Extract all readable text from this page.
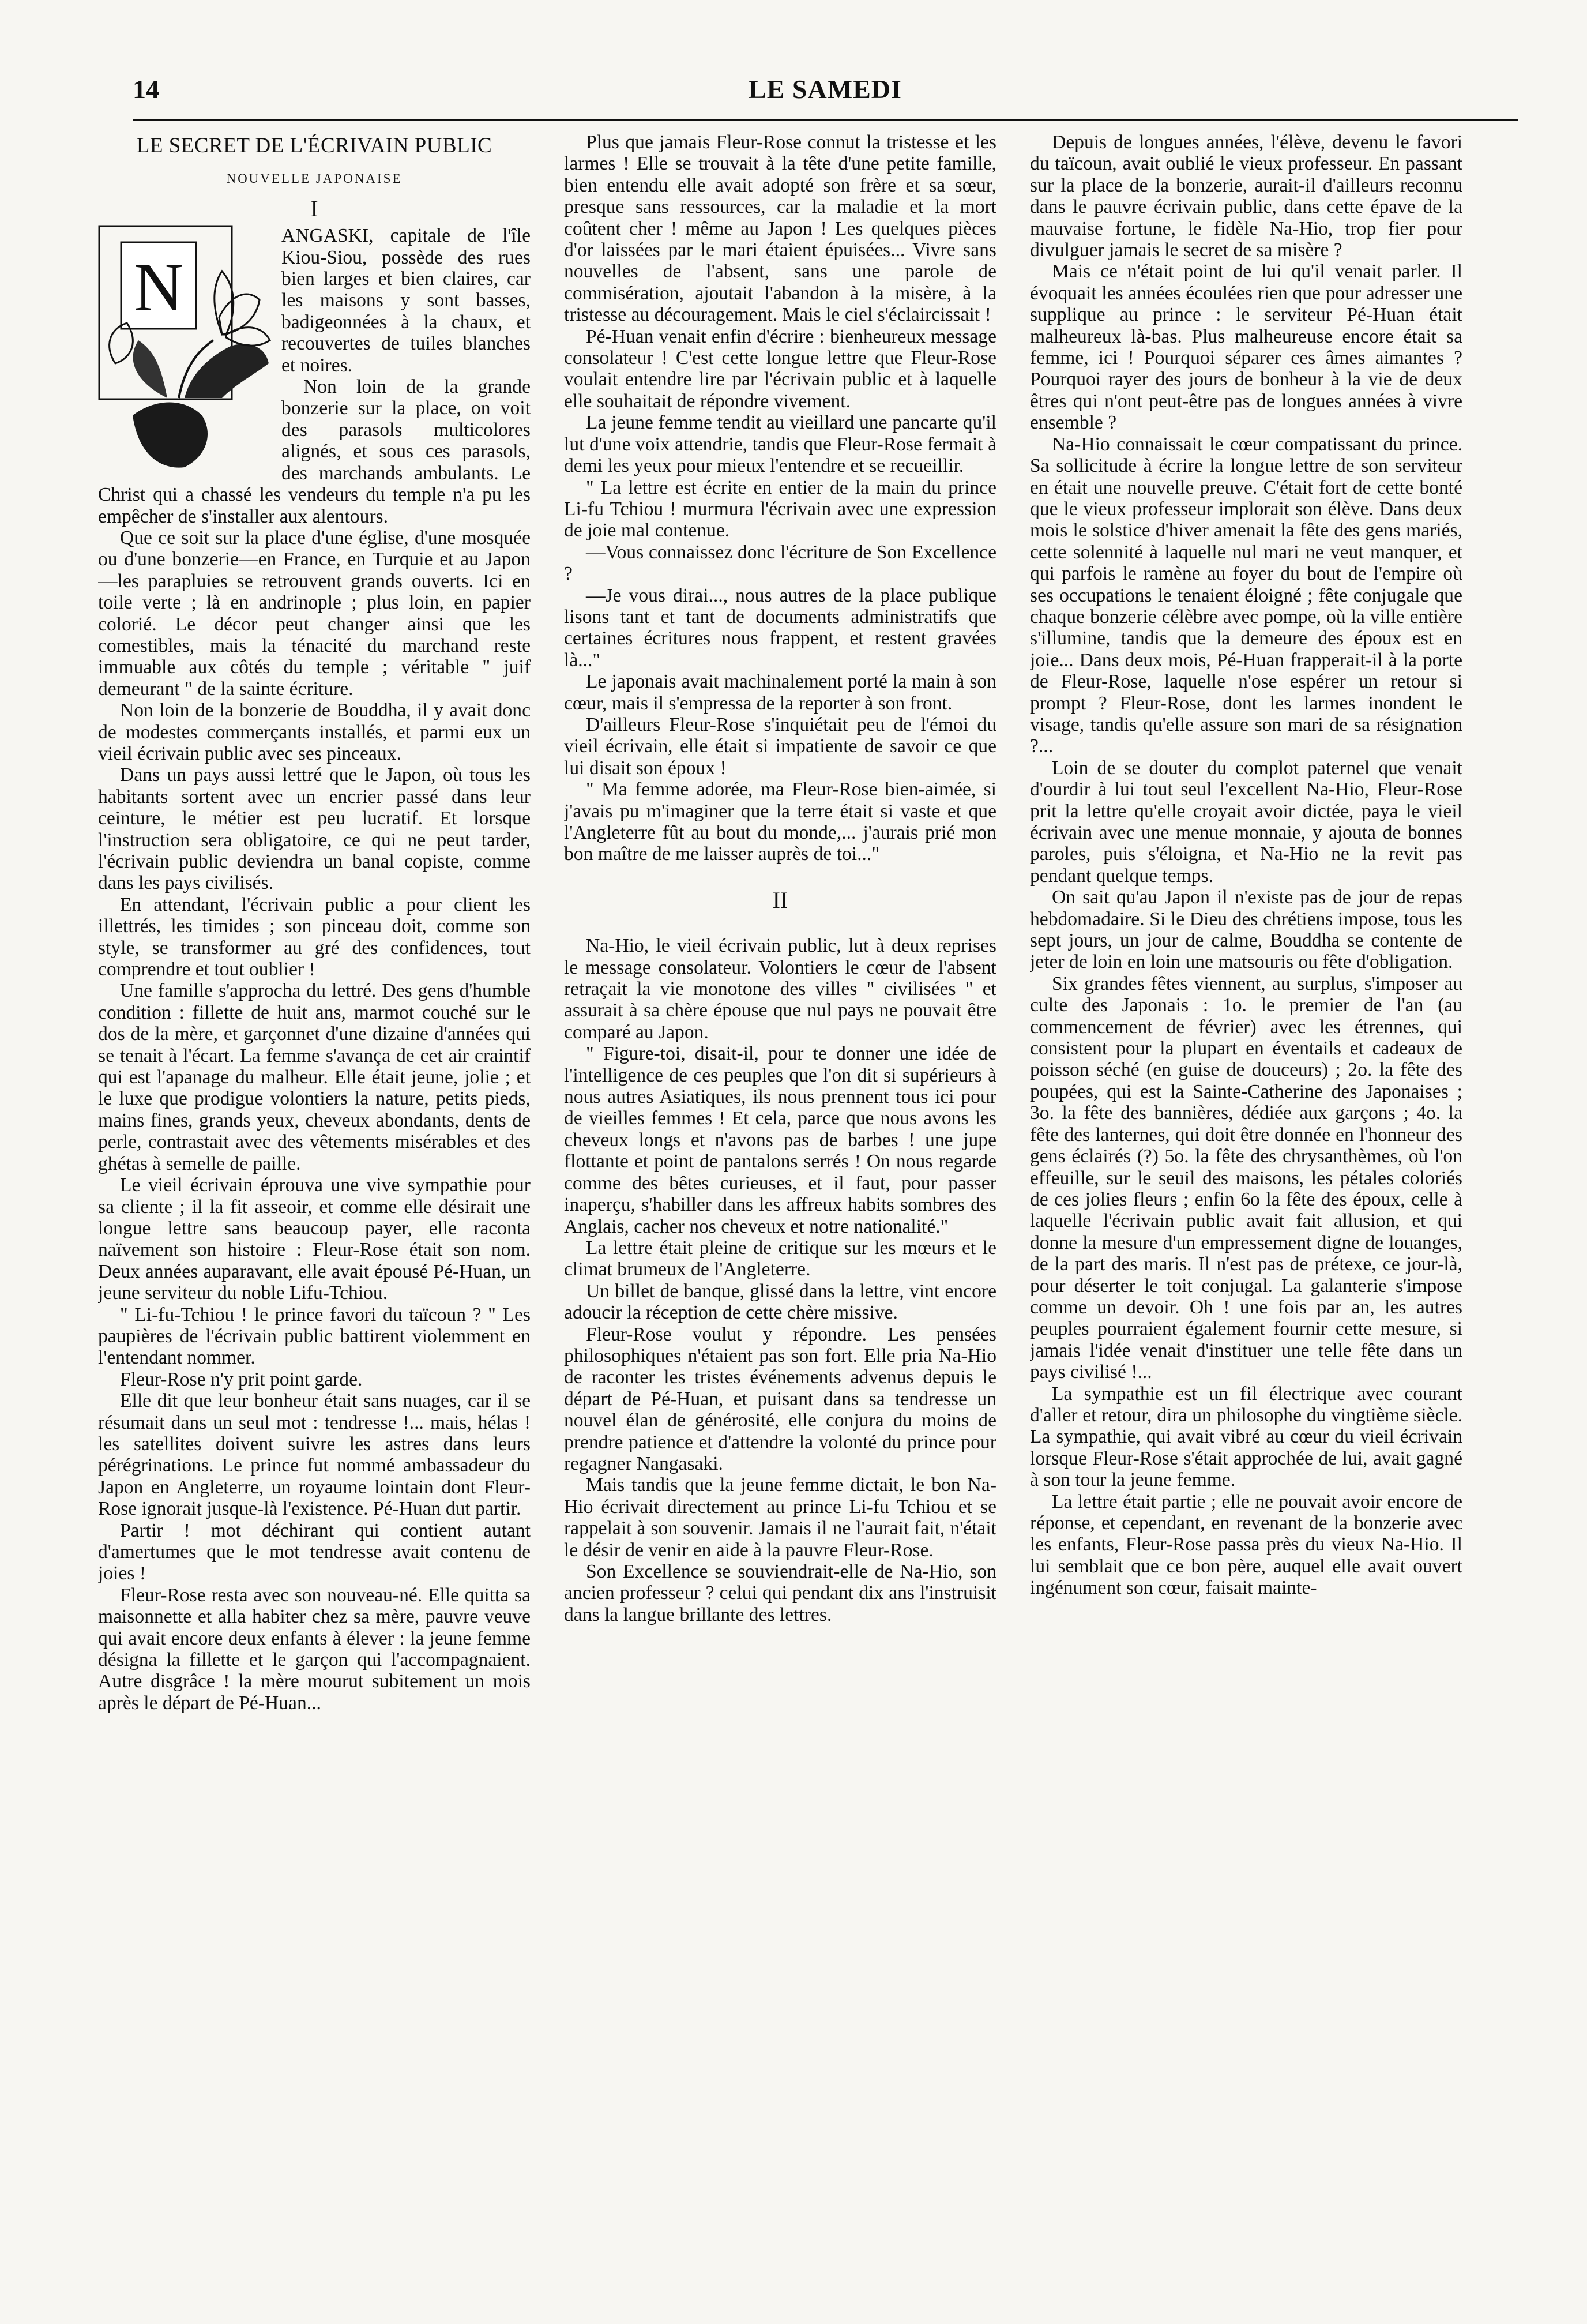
14	LE SAMEDI
LE SECRET DE L'ÉCRIVAIN PUBLIC
NOUVELLE JAPONAISE
I
N

ANGASKI, capitale de l'île Kiou-Siou, possède des rues bien larges et bien claires, car les maisons y sont basses, badigeonnées à la chaux, et recouvertes de tuiles blanches et noires.

Non loin de la grande bonzerie sur la place, on voit des parasols multicolores alignés, et sous ces parasols, des marchands ambulants. Le Christ qui a chassé les vendeurs du temple n'a pu les empêcher de s'installer aux alentours.

Que ce soit sur la place d'une église, d'une mosquée ou d'une bonzerie—en France, en Turquie et au Japon—les parapluies se retrouvent grands ouverts. Ici en toile verte ; là en andrinople ; plus loin, en papier colorié. Le décor peut changer ainsi que les comestibles, mais la ténacité du marchand reste immuable aux côtés du temple ; véritable " juif demeurant " de la sainte écriture.

Non loin de la bonzerie de Bouddha, il y avait donc de modestes commerçants installés, et parmi eux un vieil écrivain public avec ses pinceaux.

Dans un pays aussi lettré que le Japon, où tous les habitants sortent avec un encrier passé dans leur ceinture, le métier est peu lucratif. Et lorsque l'instruction sera obligatoire, ce qui ne peut tarder, l'écrivain public deviendra un banal copiste, comme dans les pays civilisés.

En attendant, l'écrivain public a pour client les illettrés, les timides ; son pinceau doit, comme son style, se transformer au gré des confidences, tout comprendre et tout oublier !

Une famille s'approcha du lettré. Des gens d'humble condition : fillette de huit ans, marmot couché sur le dos de la mère, et garçonnet d'une dizaine d'années qui se tenait à l'écart. La femme s'avança de cet air craintif qui est l'apanage du malheur. Elle était jeune, jolie ; et le luxe que prodigue volontiers la nature, petits pieds, mains fines, grands yeux, cheveux abondants, dents de perle, contrastait avec des vêtements misérables et des ghétas à semelle de paille.

Le vieil écrivain éprouva une vive sympathie pour sa cliente ; il la fit asseoir, et comme elle désirait une longue lettre sans beaucoup payer, elle raconta naïvement son histoire : Fleur-Rose était son nom. Deux années auparavant, elle avait épousé Pé-Huan, un jeune serviteur du noble Lifu-Tchiou.

" Li-fu-Tchiou ! le prince favori du taïcoun ? " Les paupières de l'écrivain public battirent violemment en l'entendant nommer.

Fleur-Rose n'y prit point garde.

Elle dit que leur bonheur était sans nuages, car il se résumait dans un seul mot : tendresse !... mais, hélas ! les satellites doivent suivre les astres dans leurs pérégrinations. Le prince fut nommé ambassadeur du Japon en Angleterre, un royaume lointain dont Fleur-Rose ignorait jusque-là l'existence. Pé-Huan dut partir.

Partir ! mot déchirant qui contient autant d'amertumes que le mot tendresse avait contenu de joies !

Fleur-Rose resta avec son nouveau-né. Elle quitta sa maisonnette et alla habiter chez sa mère, pauvre veuve qui avait encore deux enfants à élever : la jeune femme désigna la fillette et le garçon qui l'accompagnaient. Autre disgrâce ! la mère mourut subitement un mois après le départ de Pé-Huan...

Plus que jamais Fleur-Rose connut la tristesse et les larmes ! Elle se trouvait à la tête d'une petite famille, bien entendu elle avait adopté son frère et sa sœur, presque sans ressources, car la maladie et la mort coûtent cher ! même au Japon ! Les quelques pièces d'or laissées par le mari étaient épuisées... Vivre sans nouvelles de l'absent, sans une parole de commisération, ajoutait l'abandon à la misère, à la tristesse au découragement. Mais le ciel s'éclaircissait !

Pé-Huan venait enfin d'écrire : bienheureux message consolateur ! C'est cette longue lettre que Fleur-Rose voulait entendre lire par l'écrivain public et à laquelle elle souhaitait de répondre vivement.

La jeune femme tendit au vieillard une pancarte qu'il lut d'une voix attendrie, tandis que Fleur-Rose fermait à demi les yeux pour mieux l'entendre et se recueillir.

" La lettre est écrite en entier de la main du prince Li-fu Tchiou ! murmura l'écrivain avec une expression de joie mal contenue.

—Vous connaissez donc l'écriture de Son Excellence ?

—Je vous dirai..., nous autres de la place publique lisons tant et tant de documents administratifs que certaines écritures nous frappent, et restent gravées là..."

Le japonais avait machinalement porté la main à son cœur, mais il s'empressa de la reporter à son front.

D'ailleurs Fleur-Rose s'inquiétait peu de l'émoi du vieil écrivain, elle était si impatiente de savoir ce que lui disait son époux !

" Ma femme adorée, ma Fleur-Rose bien-aimée, si j'avais pu m'imaginer que la terre était si vaste et que l'Angleterre fût au bout du monde,... j'aurais prié mon bon maître de me laisser auprès de toi..."

II

Na-Hio, le vieil écrivain public, lut à deux reprises le message consolateur. Volontiers le cœur de l'absent retraçait la vie monotone des villes " civilisées " et assurait à sa chère épouse que nul pays ne pouvait être comparé au Japon.

" Figure-toi, disait-il, pour te donner une idée de l'intelligence de ces peuples que l'on dit si supérieurs à nous autres Asiatiques, ils nous prennent tous ici pour de vieilles femmes ! Et cela, parce que nous avons les cheveux longs et n'avons pas de barbes ! une jupe flottante et point de pantalons serrés ! On nous regarde comme des bêtes curieuses, et il faut, pour passer inaperçu, s'habiller dans les affreux habits sombres des Anglais, cacher nos cheveux et notre nationalité."

La lettre était pleine de critique sur les mœurs et le climat brumeux de l'Angleterre.

Un billet de banque, glissé dans la lettre, vint encore adoucir la réception de cette chère missive.

Fleur-Rose voulut y répondre. Les pensées philosophiques n'étaient pas son fort. Elle pria Na-Hio de raconter les tristes événements advenus depuis le départ de Pé-Huan, et puisant dans sa tendresse un nouvel élan de générosité, elle conjura du moins de prendre patience et d'attendre la volonté du prince pour regagner Nangasaki.

Mais tandis que la jeune femme dictait, le bon Na-Hio écrivait directement au prince Li-fu Tchiou et se rappelait à son souvenir. Jamais il ne l'aurait fait, n'était le désir de venir en aide à la pauvre Fleur-Rose.

Son Excellence se souviendrait-elle de Na-Hio, son ancien professeur ? celui qui pendant dix ans l'instruisit dans la langue brillante des lettres.

Depuis de longues années, l'élève, devenu le favori du taïcoun, avait oublié le vieux professeur. En passant sur la place de la bonzerie, aurait-il d'ailleurs reconnu dans le pauvre écrivain public, dans cette épave de la mauvaise fortune, le fidèle Na-Hio, trop fier pour divulguer jamais le secret de sa misère ?

Mais ce n'était point de lui qu'il venait parler. Il évoquait les années écoulées rien que pour adresser une supplique au prince : le serviteur Pé-Huan était malheureux là-bas. Plus malheureuse encore était sa femme, ici ! Pourquoi séparer ces âmes aimantes ? Pourquoi rayer des jours de bonheur à la vie de deux êtres qui n'ont peut-être pas de longues années à vivre ensemble ?

Na-Hio connaissait le cœur compatissant du prince. Sa sollicitude à écrire la longue lettre de son serviteur en était une nouvelle preuve. C'était fort de cette bonté que le vieux professeur implorait son élève. Dans deux mois le solstice d'hiver amenait la fête des gens mariés, cette solennité à laquelle nul mari ne veut manquer, et qui parfois le ramène au foyer du bout de l'empire où ses occupations le tenaient éloigné ; fête conjugale que chaque bonzerie célèbre avec pompe, où la ville entière s'illumine, tandis que la demeure des époux est en joie... Dans deux mois, Pé-Huan frapperait-il à la porte de Fleur-Rose, laquelle n'ose espérer un retour si prompt ? Fleur-Rose, dont les larmes inondent le visage, tandis qu'elle assure son mari de sa résignation ?...

Loin de se douter du complot paternel que venait d'ourdir à lui tout seul l'excellent Na-Hio, Fleur-Rose prit la lettre qu'elle croyait avoir dictée, paya le vieil écrivain avec une menue monnaie, y ajouta de bonnes paroles, puis s'éloigna, et Na-Hio ne la revit pas pendant quelque temps.

On sait qu'au Japon il n'existe pas de jour de repas hebdomadaire. Si le Dieu des chrétiens impose, tous les sept jours, un jour de calme, Bouddha se contente de jeter de loin en loin une matsouris ou fête d'obligation.

Six grandes fêtes viennent, au surplus, s'imposer au culte des Japonais : 1o. le premier de l'an (au commencement de février) avec les étrennes, qui consistent pour la plupart en éventails et cadeaux de poisson séché (en guise de douceurs) ; 2o. la fête des poupées, qui est la Sainte-Catherine des Japonaises ; 3o. la fête des bannières, dédiée aux garçons ; 4o. la fête des lanternes, qui doit être donnée en l'honneur des gens éclairés (?) 5o. la fête des chrysanthèmes, où l'on effeuille, sur le seuil des maisons, les pétales coloriés de ces jolies fleurs ; enfin 6o la fête des époux, celle à laquelle l'écrivain public avait fait allusion, et qui donne la mesure d'un empressement digne de louanges, de la part des maris. Il n'est pas de prétexe, ce jour-là, pour déserter le toit conjugal. La galanterie s'impose comme un devoir. Oh ! une fois par an, les autres peuples pourraient également fournir cette mesure, si jamais l'idée venait d'instituer une telle fête dans un pays civilisé !...

La sympathie est un fil électrique avec courant d'aller et retour, dira un philosophe du vingtième siècle. La sympathie, qui avait vibré au cœur du vieil écrivain lorsque Fleur-Rose s'était approchée de lui, avait gagné à son tour la jeune femme.

La lettre était partie ; elle ne pouvait avoir encore de réponse, et cependant, en revenant de la bonzerie avec les enfants, Fleur-Rose passa près du vieux Na-Hio. Il lui semblait que ce bon père, auquel elle avait ouvert ingénument son cœur, faisait mainte-
